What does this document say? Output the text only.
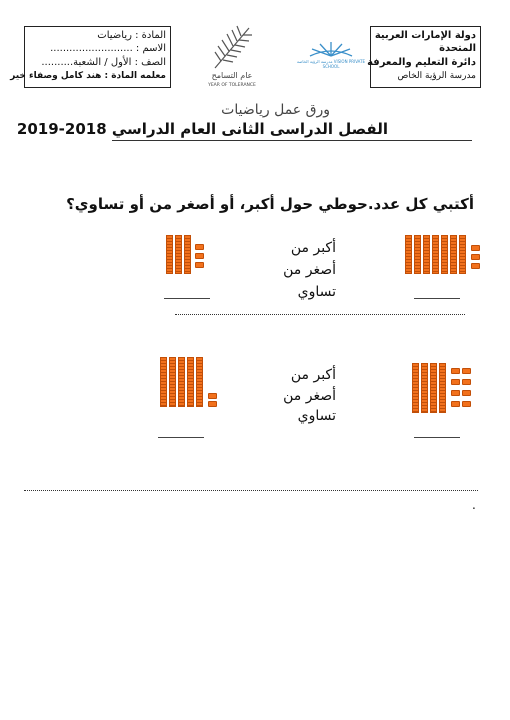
دولة الإمارات العربية
المتحدة
دائرة التعليم والمعرفة
مدرسة الرؤية الخاص
مدرسة الرؤية الخاصة VISION PRIVATE SCHOOL
عام التسامح
YEAR OF TOLERANCE
المادة : رياضيات
الاسم : ..........................
الصف : الأول / الشعبة..........
معلمه المادة : هند كامل وصفاء خير
ورق عمل رياضيات
الفصل الدراسى الثانى العام الدراسي 2018-2019
أكتبي كل عدد.حوطي حول أكبر، أو أصغر من أو تساوي؟
أكبر من
أصغر من
تساوي
أكبر من
أصغر من
تساوي
.
